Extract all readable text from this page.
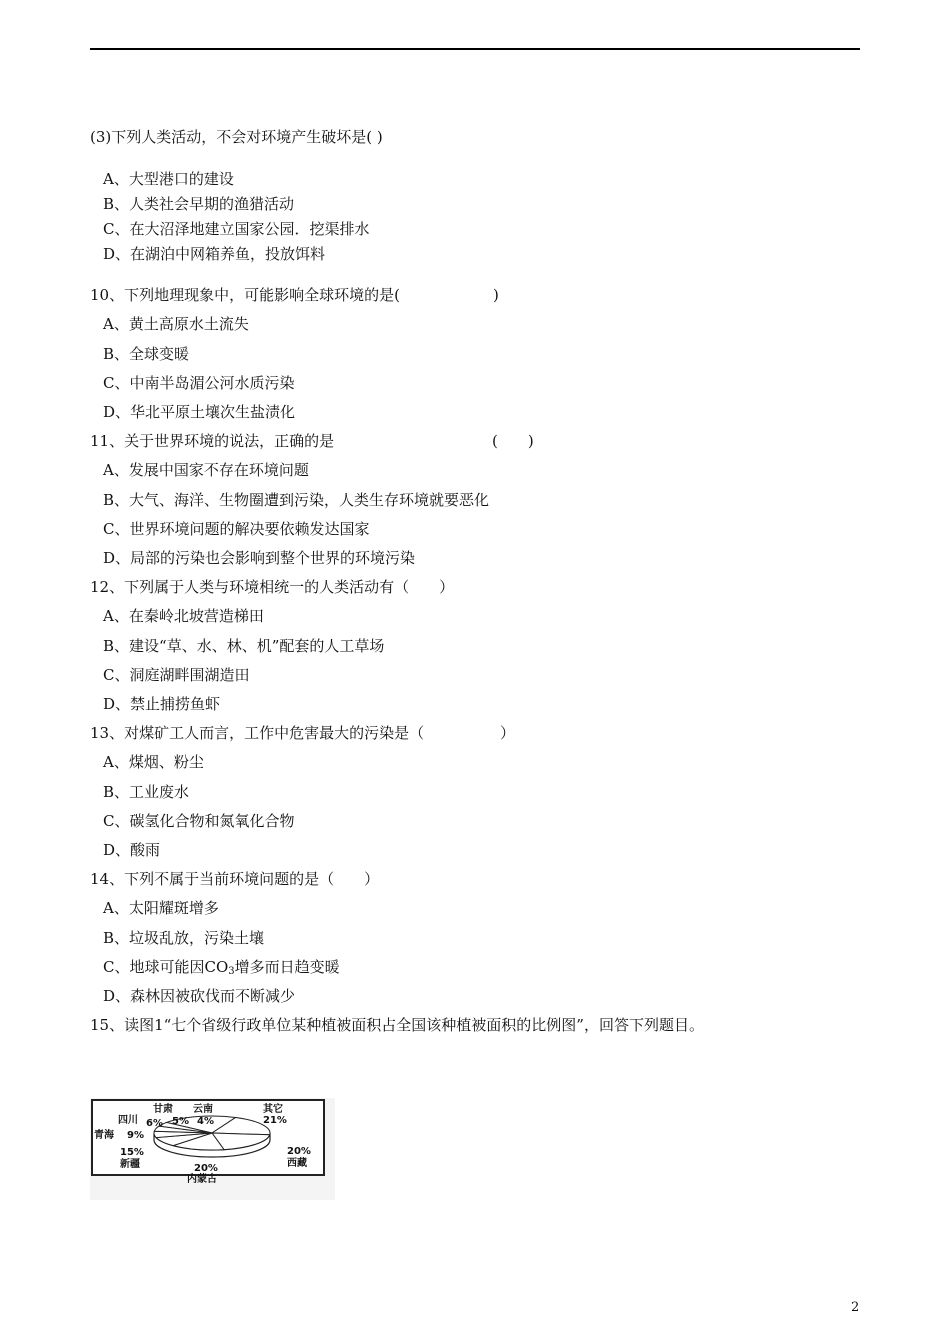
(3)下列人类活动，不会对环境产生破坏是( )
A、大型港口的建设
B、人类社会早期的渔猎活动
C、在大沼泽地建立国家公园．挖渠排水
D、在湖泊中网箱养鱼，投放饵料
10、下列地理现象中，可能影响全球环境的是(	)
A、黄土高原水土流失
B、全球变暖
C、中南半岛湄公河水质污染
D、华北平原土壤次生盐渍化
11、关于世界环境的说法，正确的是	(　　)
A、发展中国家不存在环境问题
B、大气、海洋、生物圈遭到污染，人类生存环境就要恶化
C、世界环境问题的解决要依赖发达国家
D、局部的污染也会影响到整个世界的环境污染
12、下列属于人类与环境相统一的人类活动有（　　）
A、在秦岭北坡营造梯田
B、建设“草、水、林、机”配套的人工草场
C、洞庭湖畔围湖造田
D、禁止捕捞鱼虾
13、对煤矿工人而言，工作中危害最大的污染是（	）
A、煤烟、粉尘
B、工业废水
C、碳氢化合物和氮氧化合物
D、酸雨
14、下列不属于当前环境问题的是（　　）
A、太阳耀斑增多
B、垃圾乱放，污染土壤
C、地球可能因$CO_3$增多而日趋变暖
D、森林因被砍伐而不断减少
15、读图1“七个省级行政单位某种植被面积占全国该种植被面积的比例图”，回答下列题目。
甘肃 云南
5% 4%
四川 6%
青海 9%
其它
21%
15%
新疆	20%
内蒙古
20%
西藏
2
